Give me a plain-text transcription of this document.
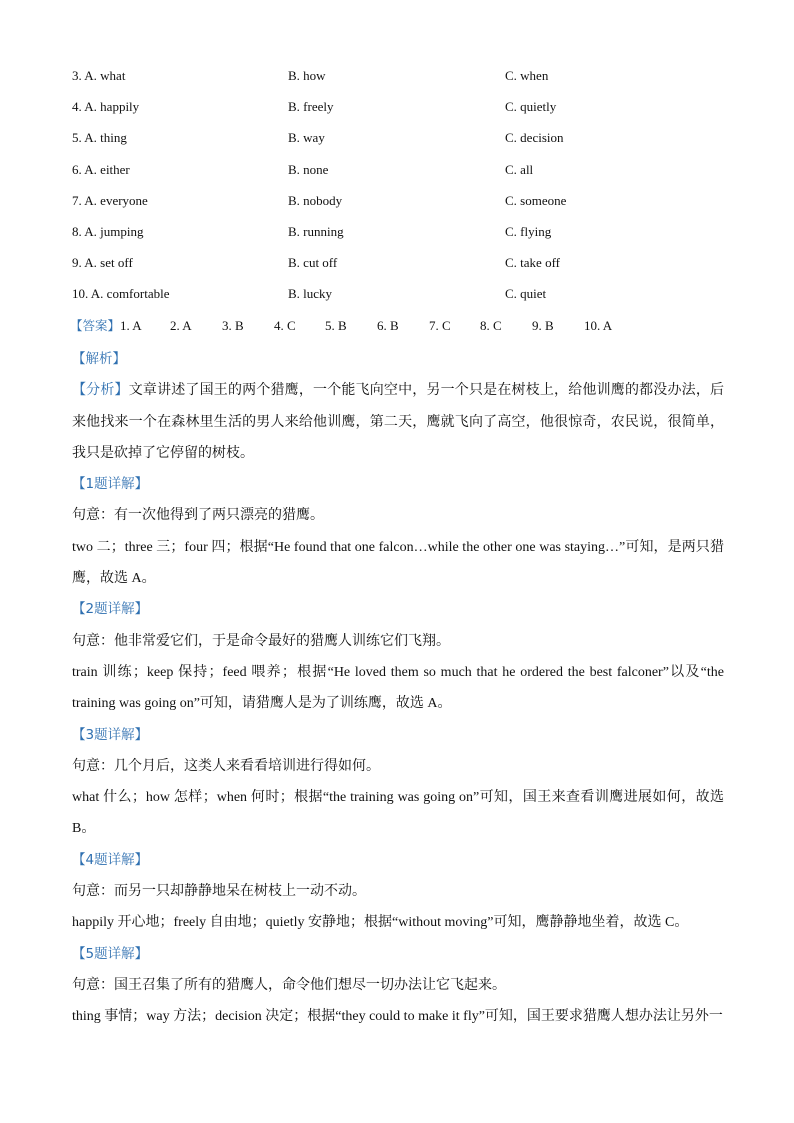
3. A. what	B. how	C. when
4. A. happily	B. freely	C. quietly
5. A. thing	B. way	C. decision
6. A. either	B. none	C. all
7. A. everyone	B. nobody	C. someone
8. A. jumping	B. running	C. flying
9. A. set off	B. cut off	C. take off
10. A. comfortable	B. lucky	C. quiet
【答案】1. A 2. A 3. B 4. C 5. B 6. B 7. C 8. C 9. B 10. A

【解析】

【分析】文章讲述了国王的两个猎鹰，一个能飞向空中，另一个只是在树枝上，给他训鹰的都没办法，后来他找来一个在森林里生活的男人来给他训鹰，第二天，鹰就飞向了高空，他很惊奇，农民说，很简单，我只是砍掉了它停留的树枝。

【1题详解】

句意：有一次他得到了两只漂亮的猎鹰。

two 二；three 三；four 四；根据“He found that one falcon…while the other one was staying…”可知，是两只猎鹰，故选 A。

【2题详解】

句意：他非常爱它们，于是命令最好的猎鹰人训练它们飞翔。

train 训练；keep 保持；feed 喂养；根据“He loved them so much that he ordered the best falconer”以及“the training was going on”可知，请猎鹰人是为了训练鹰，故选 A。

【3题详解】

句意：几个月后，这类人来看看培训进行得如何。

what 什么；how 怎样；when 何时；根据“the training was going on”可知，国王来查看训鹰进展如何，故选 B。

【4题详解】

句意：而另一只却静静地呆在树枝上一动不动。

happily 开心地；freely 自由地；quietly 安静地；根据“without moving”可知，鹰静静地坐着，故选 C。

【5题详解】

句意：国王召集了所有的猎鹰人，命令他们想尽一切办法让它飞起来。

thing 事情；way 方法；decision 决定；根据“they could to make it fly”可知，国王要求猎鹰人想办法让另外一
